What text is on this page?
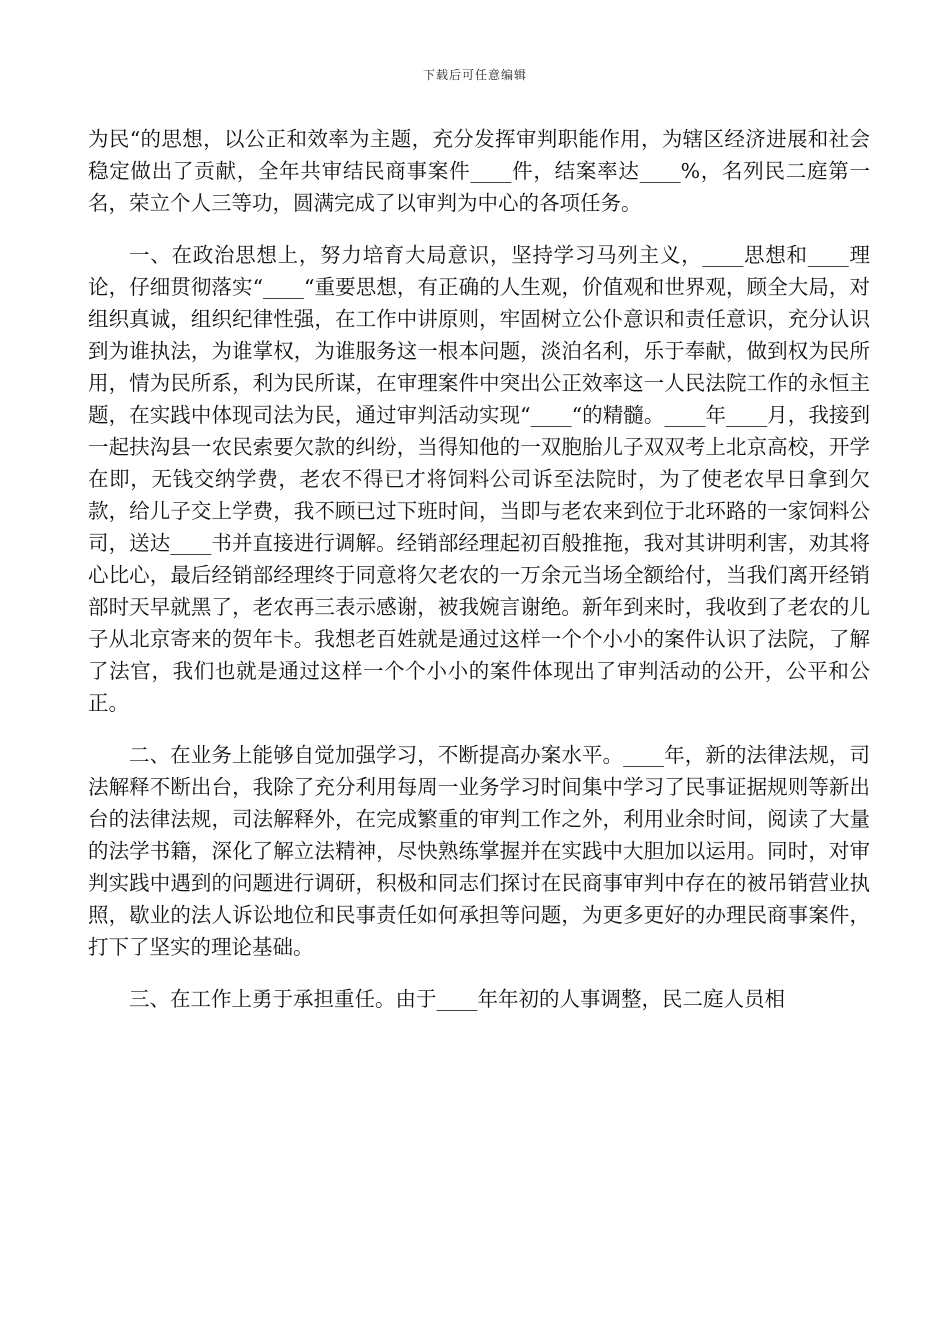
下载后可任意编辑

为民“的思想，以公正和效率为主题，充分发挥审判职能作用，为辖区经济进展和社会稳定做出了贡献，全年共审结民商事案件____件，结案率达____%，名列民二庭第一名，荣立个人三等功，圆满完成了以审判为中心的各项任务。

一、在政治思想上，努力培育大局意识，坚持学习马列主义，____思想和____理论，仔细贯彻落实“____“重要思想，有正确的人生观，价值观和世界观，顾全大局，对组织真诚，组织纪律性强，在工作中讲原则，牢固树立公仆意识和责任意识，充分认识到为谁执法，为谁掌权，为谁服务这一根本问题，淡泊名利，乐于奉献，做到权为民所用，情为民所系，利为民所谋，在审理案件中突出公正效率这一人民法院工作的永恒主题，在实践中体现司法为民，通过审判活动实现“____“的精髓。____年____月，我接到一起扶沟县一农民索要欠款的纠纷，当得知他的一双胞胎儿子双双考上北京高校，开学在即，无钱交纳学费，老农不得已才将饲料公司诉至法院时，为了使老农早日拿到欠款，给儿子交上学费，我不顾已过下班时间，当即与老农来到位于北环路的一家饲料公司，送达____书并直接进行调解。经销部经理起初百般推拖，我对其讲明利害，劝其将心比心，最后经销部经理终于同意将欠老农的一万余元当场全额给付，当我们离开经销部时天早就黑了，老农再三表示感谢，被我婉言谢绝。新年到来时，我收到了老农的儿子从北京寄来的贺年卡。我想老百姓就是通过这样一个个小小的案件认识了法院，了解了法官，我们也就是通过这样一个个小小的案件体现出了审判活动的公开，公平和公正。

二、在业务上能够自觉加强学习，不断提高办案水平。____年，新的法律法规，司法解释不断出台，我除了充分利用每周一业务学习时间集中学习了民事证据规则等新出台的法律法规，司法解释外，在完成繁重的审判工作之外，利用业余时间，阅读了大量的法学书籍，深化了解立法精神，尽快熟练掌握并在实践中大胆加以运用。同时，对审判实践中遇到的问题进行调研，积极和同志们探讨在民商事审判中存在的被吊销营业执照，歇业的法人诉讼地位和民事责任如何承担等问题，为更多更好的办理民商事案件，打下了坚实的理论基础。

三、在工作上勇于承担重任。由于____年年初的人事调整，民二庭人员相
